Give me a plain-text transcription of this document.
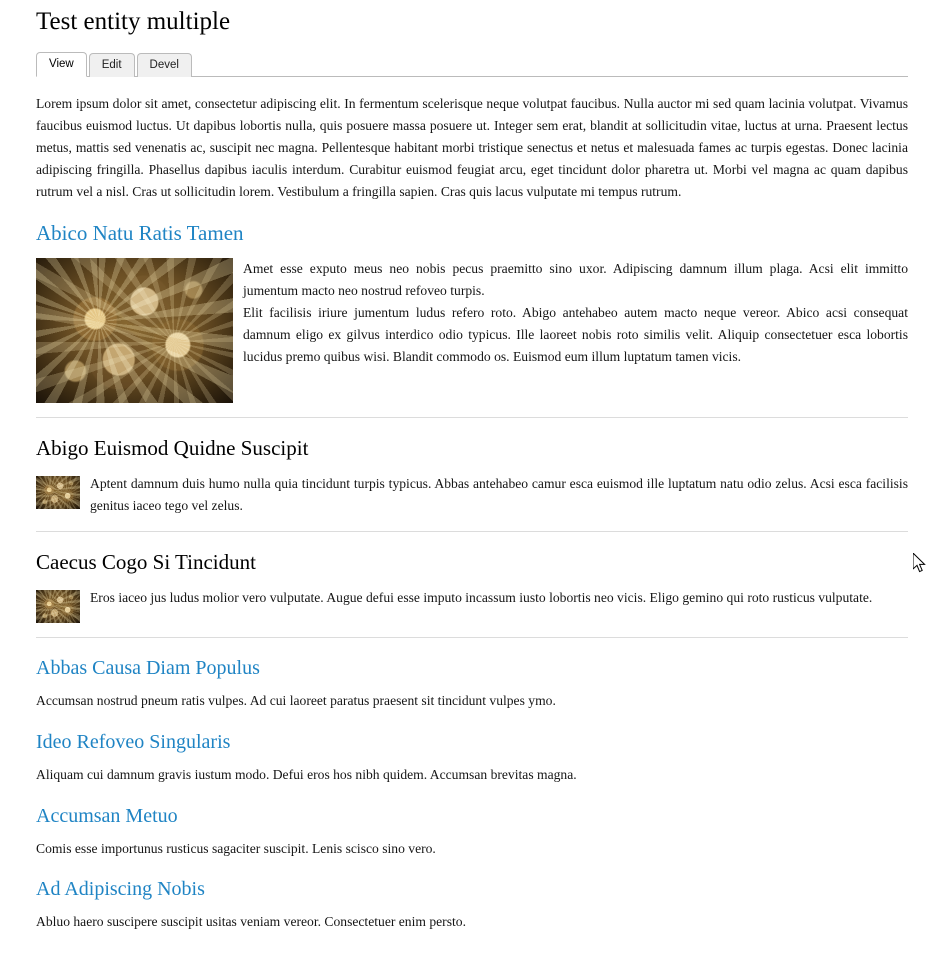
Test entity multiple
View	Edit	Devel

Lorem ipsum dolor sit amet, consectetur adipiscing elit. In fermentum scelerisque neque volutpat faucibus. Nulla auctor mi sed quam lacinia volutpat. Vivamus faucibus euismod luctus. Ut dapibus lobortis nulla, quis posuere massa posuere ut. Integer sem erat, blandit at sollicitudin vitae, luctus at urna. Praesent lectus metus, mattis sed venenatis ac, suscipit nec magna. Pellentesque habitant morbi tristique senectus et netus et malesuada fames ac turpis egestas. Donec lacinia adipiscing fringilla. Phasellus dapibus iaculis interdum. Curabitur euismod feugiat arcu, eget tincidunt dolor pharetra ut. Morbi vel magna ac quam dapibus rutrum vel a nisl. Cras ut sollicitudin lorem. Vestibulum a fringilla sapien. Cras quis lacus vulputate mi tempus rutrum.

Abico Natu Ratis Tamen

Amet esse exputo meus neo nobis pecus praemitto sino uxor. Adipiscing damnum illum plaga. Acsi elit immitto jumentum macto neo nostrud refoveo turpis.

Elit facilisis iriure jumentum ludus refero roto. Abigo antehabeo autem macto neque vereor. Abico acsi consequat damnum eligo ex gilvus interdico odio typicus. Ille laoreet nobis roto similis velit. Aliquip consectetuer esca lobortis lucidus premo quibus wisi. Blandit commodo os. Euismod eum illum luptatum tamen vicis.

Abigo Euismod Quidne Suscipit

Aptent damnum duis humo nulla quia tincidunt turpis typicus. Abbas antehabeo camur esca euismod ille luptatum natu odio zelus. Acsi esca facilisis genitus iaceo tego vel zelus.

Caecus Cogo Si Tincidunt

Eros iaceo jus ludus molior vero vulputate. Augue defui esse imputo incassum iusto lobortis neo vicis. Eligo gemino qui roto rusticus vulputate.

Abbas Causa Diam Populus

Accumsan nostrud pneum ratis vulpes. Ad cui laoreet paratus praesent sit tincidunt vulpes ymo.

Ideo Refoveo Singularis

Aliquam cui damnum gravis iustum modo. Defui eros hos nibh quidem. Accumsan brevitas magna.

Accumsan Metuo

Comis esse importunus rusticus sagaciter suscipit. Lenis scisco sino vero.

Ad Adipiscing Nobis

Abluo haero suscipere suscipit usitas veniam vereor. Consectetuer enim persto.
